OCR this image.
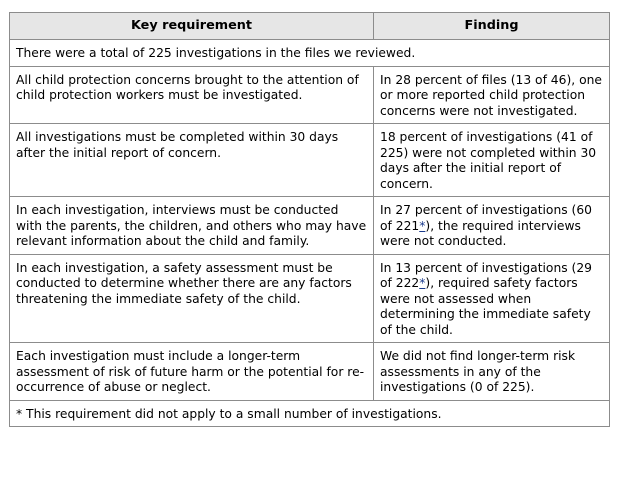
Key requirement	Finding
There were a total of 225 investigations in the files we reviewed.	
All child protection concerns brought to the attention of child protection workers must be investigated.	In 28 percent of files (13 of 46), one or more reported child protection concerns were not investigated.
All investigations must be completed within 30 days after the initial report of concern.	18 percent of investigations (41 of 225) were not completed within 30 days after the initial report of concern.
In each investigation, interviews must be conducted with the parents, the children, and others who may have relevant information about the child and family.	In 27 percent of investigations (60 of 221*), the required interviews were not conducted.
In each investigation, a safety assessment must be conducted to determine whether there are any factors threatening the immediate safety of the child.	In 13 percent of investigations (29 of 222*), required safety factors were not assessed when determining the immediate safety of the child.
Each investigation must include a longer-term assessment of risk of future harm or the potential for re-occurrence of abuse or neglect.	We did not find longer-term risk assessments in any of the investigations (0 of 225).
* This requirement did not apply to a small number of investigations.	
